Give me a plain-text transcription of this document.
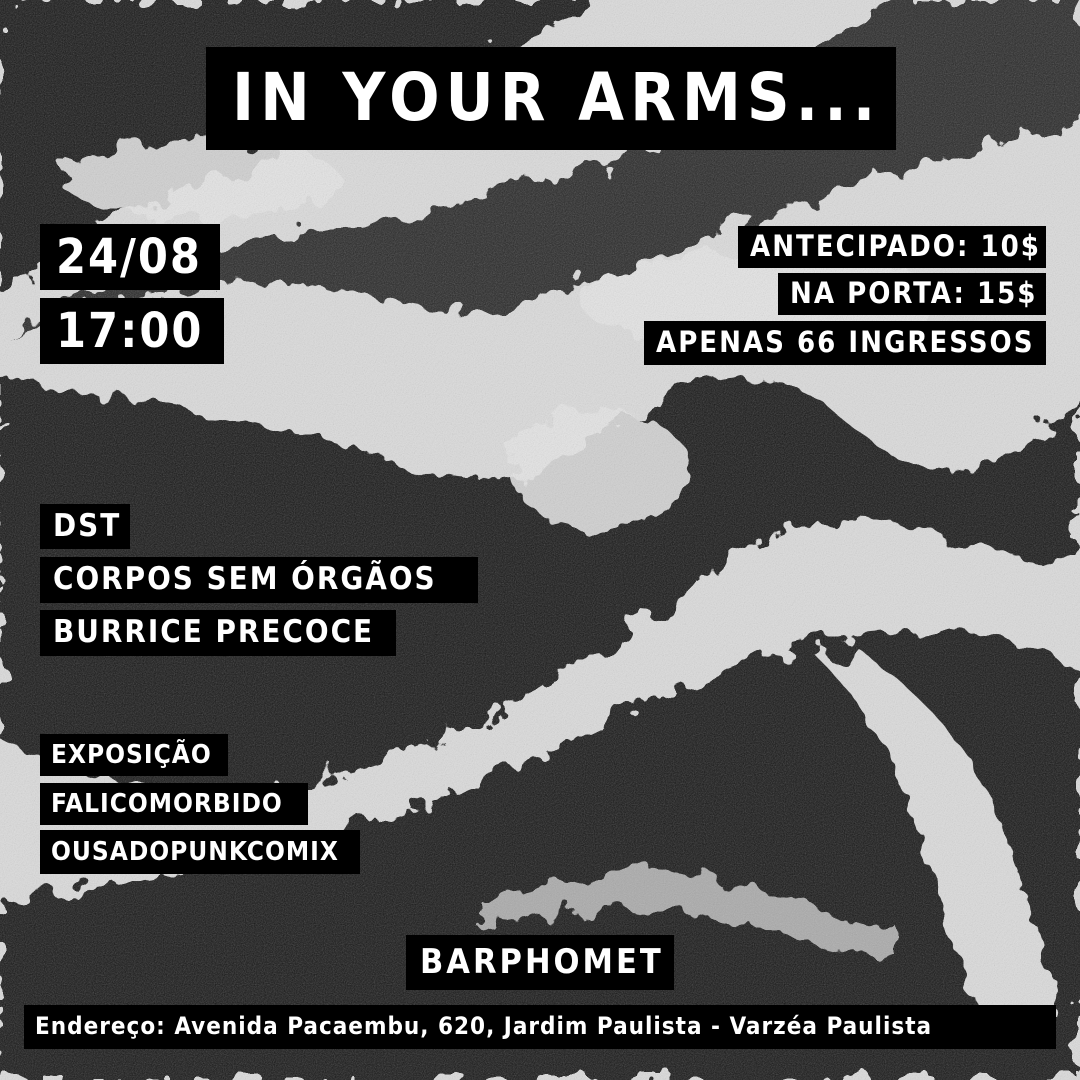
IN YOUR ARMS...
24/08
17:00
ANTECIPADO: 10$
NA PORTA: 15$
APENAS 66 INGRESSOS
DST
CORPOS SEM ÓRGÃOS
BURRICE PRECOCE
EXPOSIÇÃO
FALICOMORBIDO
OUSADOPUNKCOMIX
BARPHOMET
Endereço: Avenida Pacaembu, 620, Jardim Paulista - Varzéa Paulista
